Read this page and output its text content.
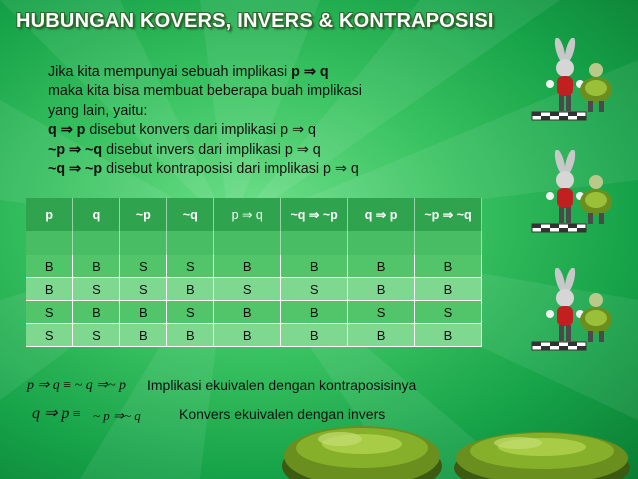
HUBUNGAN KOVERS, INVERS & KONTRAPOSISI
Jika kita mempunyai sebuah implikasi p ⇒ q
maka kita bisa membuat beberapa buah implikasi
yang lain, yaitu:
q ⇒ p disebut konvers dari implikasi p ⇒ q
~p ⇒ ~q disebut invers dari implikasi p ⇒ q
~q ⇒ ~p disebut kontraposisi dari implikasi p ⇒ q
p	q	~p	~q	p ⇒ q	~q ⇒ ~p	q ⇒ p	~p ⇒ ~q

B	B	S	S	B	B	B	B
B	S	S	B	S	S	B	B
S	B	B	S	B	B	S	S
S	S	B	B	B	B	B	B
p ⇒ q ≡ ~ q ⇒~ p Implikasi ekuivalen dengan kontraposisinya
q ⇒ p ≡ ~ p ⇒~ q	Konvers ekuivalen dengan invers
